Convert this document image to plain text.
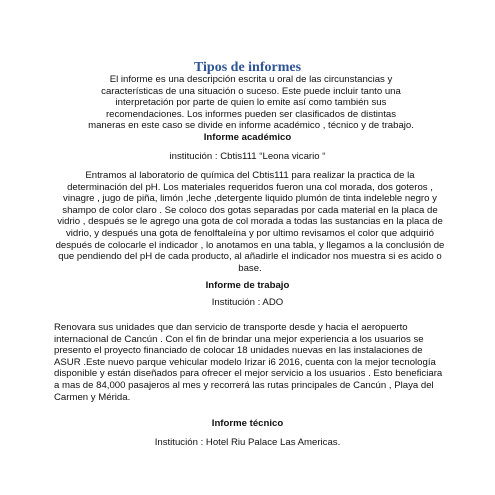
Tipos de informes
El informe es una descripción escrita u oral de las circunstancias y características de una situación o suceso. Este puede incluir tanto una interpretación por parte de quien lo emite así como también sus recomendaciones. Los informes pueden ser clasificados de distintas maneras en este caso se divide en informe académico , técnico y de trabajo.
Informe académico
institución : Cbtis111 “Leona vicario “
Entramos al laboratorio de química del Cbtis111 para realizar la practica de la determinación del pH. Los materiales requeridos fueron una col morada, dos goteros , vinagre , jugo de piña, limón ,leche ,detergente liquido plumón de tinta indeleble negro y shampo de color claro . Se coloco dos gotas separadas por cada material en la placa de vidrio , después se le agrego una gota de col morada a todas las sustancias en la placa de vidrio, y después una gota de fenolftaleína y por ultimo revisamos el color que adquirió después de colocarle el indicador , lo anotamos en una tabla, y llegamos a la conclusión de que pendiendo del pH de cada producto, al añadirle el indicador nos muestra si es acido o base.
Informe de trabajo
Institución : ADO
Renovara sus unidades que dan servicio de transporte desde y hacia el aeropuerto internacional de Cancún . Con el fin de brindar una mejor experiencia a los usuarios se presento el proyecto financiado de colocar 18 unidades nuevas en las instalaciones de ASUR .Este nuevo parque vehicular modelo Irizar i6 2016, cuenta con la mejor tecnología disponible y están diseñados para ofrecer el mejor servicio a los usuarios . Esto beneficiara a mas de 84,000 pasajeros al mes y recorrerá las rutas principales de Cancún , Playa del Carmen y Mérida.
Informe técnico
Institución : Hotel Riu Palace Las Americas.
